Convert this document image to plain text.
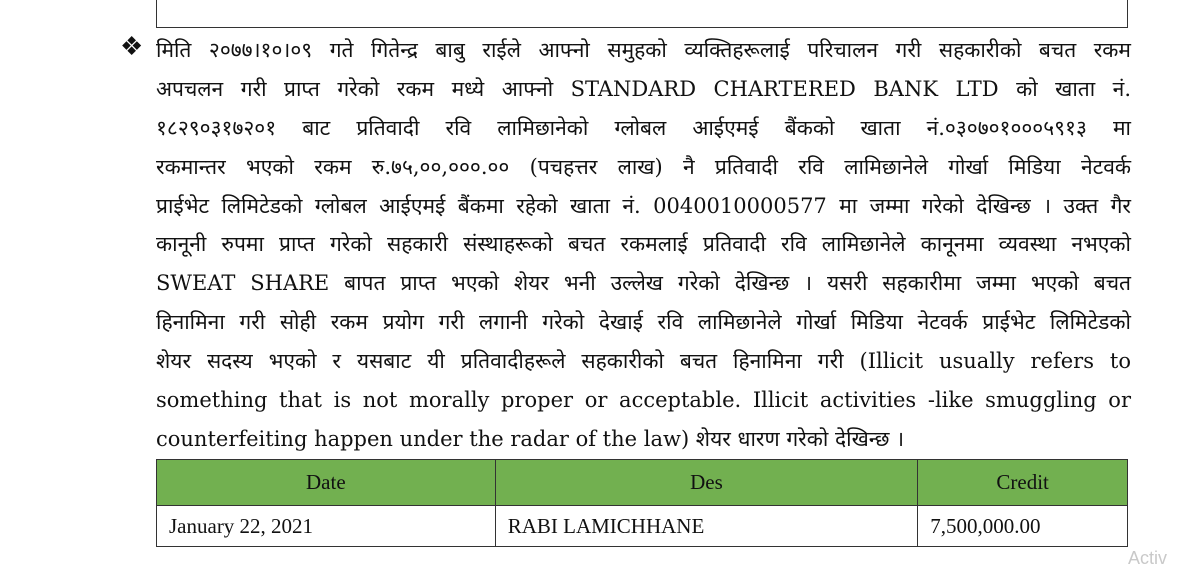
❖ मिति २०७७।१०।०९ गते गितेन्द्र बाबु राईले आफ्नो समुहको व्यक्तिहरूलाई परिचालन गरी सहकारीको बचत रकम
अपचलन गरी प्राप्त गरेको रकम मध्ये आफ्नो STANDARD CHARTERED BANK LTD को खाता नं.
१८२९०३१७२०१ बाट प्रतिवादी रवि लामिछानेको ग्लोबल आईएमई बैंकको खाता नं.०३०७०१०००५९१३ मा
रकमान्तर भएको रकम रु.७५,००,०००.०० (पचहत्तर लाख) नै प्रतिवादी रवि लामिछानेले गोर्खा मिडिया नेटवर्क
प्राईभेट लिमिटेडको ग्लोबल आईएमई बैंकमा रहेको खाता नं. 0040010000577 मा जम्मा गरेको देखिन्छ । उक्त गैर
कानूनी रुपमा प्राप्त गरेको सहकारी संस्थाहरूको बचत रकमलाई प्रतिवादी रवि लामिछानेले कानूनमा व्यवस्था नभएको
SWEAT SHARE बापत प्राप्त भएको शेयर भनी उल्लेख गरेको देखिन्छ । यसरी सहकारीमा जम्मा भएको बचत
हिनामिना गरी सोही रकम प्रयोग गरी लगानी गरेको देखाई रवि लामिछानेले गोर्खा मिडिया नेटवर्क प्राईभेट लिमिटेडको
शेयर सदस्य भएको र यसबाट यी प्रतिवादीहरूले सहकारीको बचत हिनामिना गरी (Illicit usually refers to
something that is not morally proper or acceptable. Illicit activities -like smuggling or
counterfeiting happen under the radar of the law) शेयर धारण गरेको देखिन्छ ।
Date	Des	Credit
January 22, 2021	RABI LAMICHHANE	7,500,000.00
Activ
